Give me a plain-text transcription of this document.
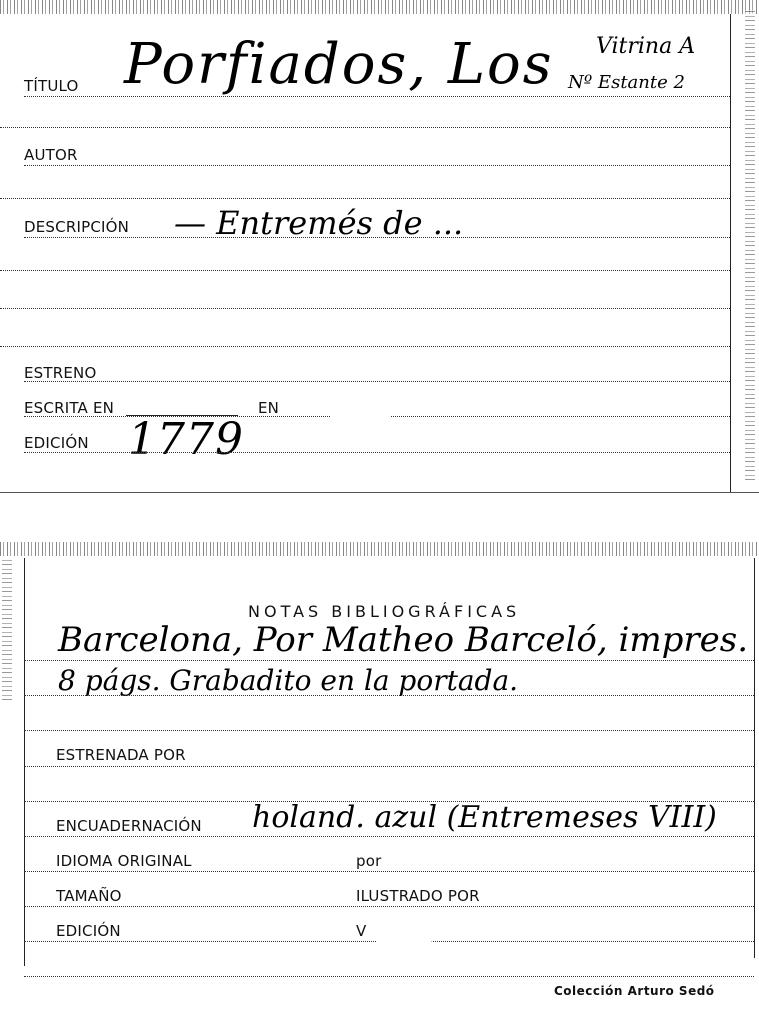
TÍTULO Porfiados, Los Vitrina A
Nº Estante 2
AUTOR
DESCRIPCIÓN — Entremés de ...
ESTRENO
ESCRITA EN	EN
EDICIÓN 1779
NOTAS BIBLIOGRÁFICAS
Barcelona, Por Matheo Barceló, impres.
8 págs. Grabadito en la portada.
ESTRENADA POR
ENCUADERNACIÓN holand. azul (Entremeses VIII)
IDIOMA ORIGINAL	por
TAMAÑO	ILUSTRADO POR
EDICIÓN	V
Colección Arturo Sedó
